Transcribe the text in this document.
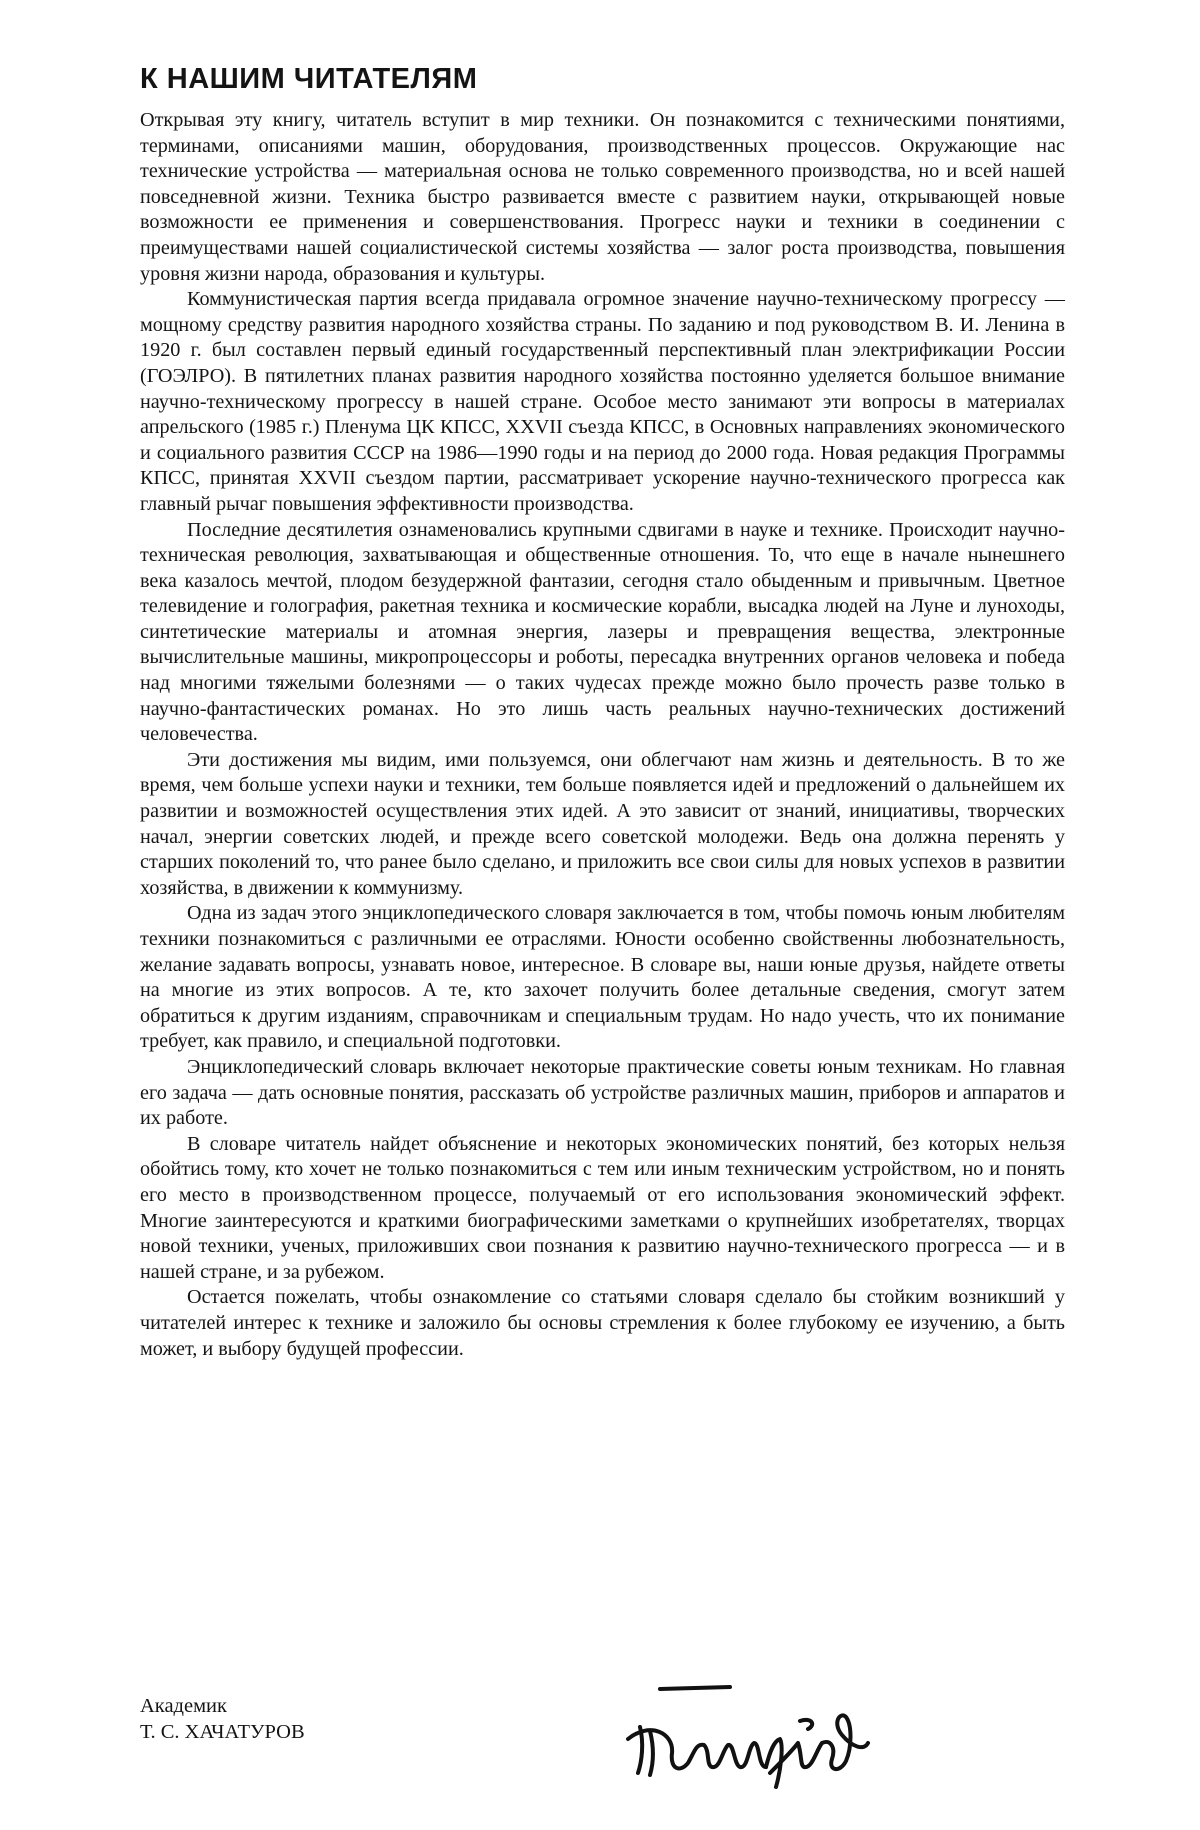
К НАШИМ ЧИТАТЕЛЯМ

Открывая эту книгу, читатель вступит в мир техники. Он познакомится с техническими понятиями, терминами, описаниями машин, оборудования, производственных процессов. Окружающие нас технические устройства — материальная основа не только современного производства, но и всей нашей повседневной жизни. Техника быстро развивается вместе с развитием науки, открывающей новые возможности ее применения и совершенствования. Прогресс науки и техники в соединении с преимуществами нашей социалистической системы хозяйства — залог роста производства, повышения уровня жизни народа, образования и культуры.

Коммунистическая партия всегда придавала огромное значение научно-техническому прогрессу — мощному средству развития народного хозяйства страны. По заданию и под руководством В. И. Ленина в 1920 г. был составлен первый единый государственный перспективный план электрификации России (ГОЭЛРО). В пятилетних планах развития народного хозяйства постоянно уделяется большое внимание научно-техническому прогрессу в нашей стране. Особое место занимают эти вопросы в материалах апрельского (1985 г.) Пленума ЦК КПСС, XXVII съезда КПСС, в Основных направлениях экономического и социального развития СССР на 1986—1990 годы и на период до 2000 года. Новая редакция Программы КПСС, принятая XXVII съездом партии, рассматривает ускорение научно-технического прогресса как главный рычаг повышения эффективности производства.

Последние десятилетия ознаменовались крупными сдвигами в науке и технике. Происходит научно-техническая революция, захватывающая и общественные отношения. То, что еще в начале нынешнего века казалось мечтой, плодом безудержной фантазии, сегодня стало обыденным и привычным. Цветное телевидение и голография, ракетная техника и космические корабли, высадка людей на Луне и луноходы, синтетические материалы и атомная энергия, лазеры и превращения вещества, электронные вычислительные машины, микропроцессоры и роботы, пересадка внутренних органов человека и победа над многими тяжелыми болезнями — о таких чудесах прежде можно было прочесть разве только в научно-фантастических романах. Но это лишь часть реальных научно-технических достижений человечества.

Эти достижения мы видим, ими пользуемся, они облегчают нам жизнь и деятельность. В то же время, чем больше успехи науки и техники, тем больше появляется идей и предложений о дальнейшем их развитии и возможностей осуществления этих идей. А это зависит от знаний, инициативы, творческих начал, энергии советских людей, и прежде всего советской молодежи. Ведь она должна перенять у старших поколений то, что ранее было сделано, и приложить все свои силы для новых успехов в развитии хозяйства, в движении к коммунизму.

Одна из задач этого энциклопедического словаря заключается в том, чтобы помочь юным любителям техники познакомиться с различными ее отраслями. Юности особенно свойственны любознательность, желание задавать вопросы, узнавать новое, интересное. В словаре вы, наши юные друзья, найдете ответы на многие из этих вопросов. А те, кто захочет получить более детальные сведения, смогут затем обратиться к другим изданиям, справочникам и специальным трудам. Но надо учесть, что их понимание требует, как правило, и специальной подготовки.

Энциклопедический словарь включает некоторые практические советы юным техникам. Но главная его задача — дать основные понятия, рассказать об устройстве различных машин, приборов и аппаратов и их работе.

В словаре читатель найдет объяснение и некоторых экономических понятий, без которых нельзя обойтись тому, кто хочет не только познакомиться с тем или иным техническим устройством, но и понять его место в производственном процессе, получаемый от его использования экономический эффект. Многие заинтересуются и краткими биографическими заметками о крупнейших изобретателях, творцах новой техники, ученых, приложивших свои познания к развитию научно-технического прогресса — и в нашей стране, и за рубежом.

Остается пожелать, чтобы ознакомление со статьями словаря сделало бы стойким возникший у читателей интерес к технике и заложило бы основы стремления к более глубокому ее изучению, а быть может, и выбору будущей профессии.

Академик
Т. С. ХАЧАТУРОВ
